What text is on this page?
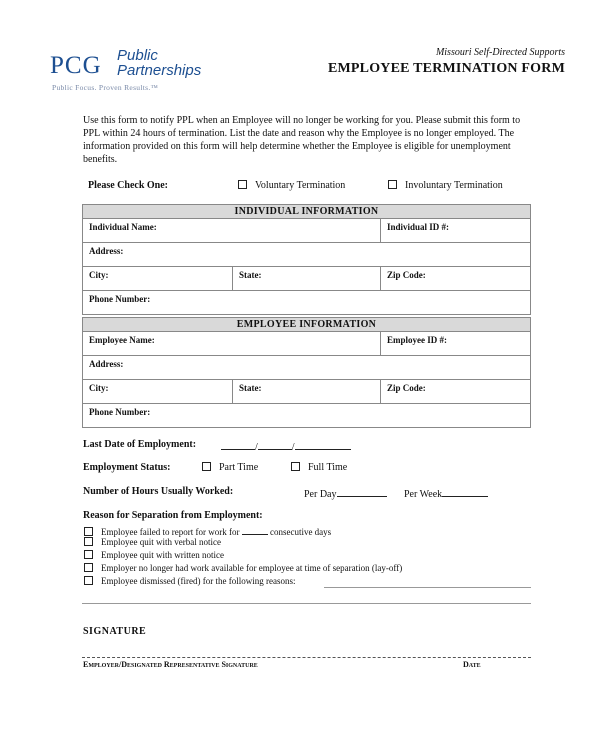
PCG Public
Partnerships
Public Focus. Proven Results.™
Missouri Self-Directed Supports
EMPLOYEE TERMINATION FORM
Use this form to notify PPL when an Employee will no longer be working for you. Please submit this form to PPL within 24 hours of termination. List the date and reason why the Employee is no longer employed. The information provided on this form will help determine whether the Employee is eligible for unemployment benefits.
Please Check One:	Voluntary Termination	Involuntary Termination
INDIVIDUAL INFORMATION		
Individual Name:		Individual ID #:
Address:		
City:	State:	Zip Code:
Phone Number:		
EMPLOYEE INFORMATION		
Employee Name:		Employee ID #:
Address:		
City:	State:	Zip Code:
Phone Number:		
Last Date of Employment:	/	/
Employment Status:	Part Time	Full Time
Number of Hours Usually Worked:	Per Day	Per Week
Reason for Separation from Employment:
Employee failed to report for work for	consecutive days
Employee quit with verbal notice
Employee quit with written notice
Employer no longer had work available for employee at time of separation (lay-off)
Employee dismissed (fired) for the following reasons:
SIGNATURE
Employer/Designated Representative Signature	Date
